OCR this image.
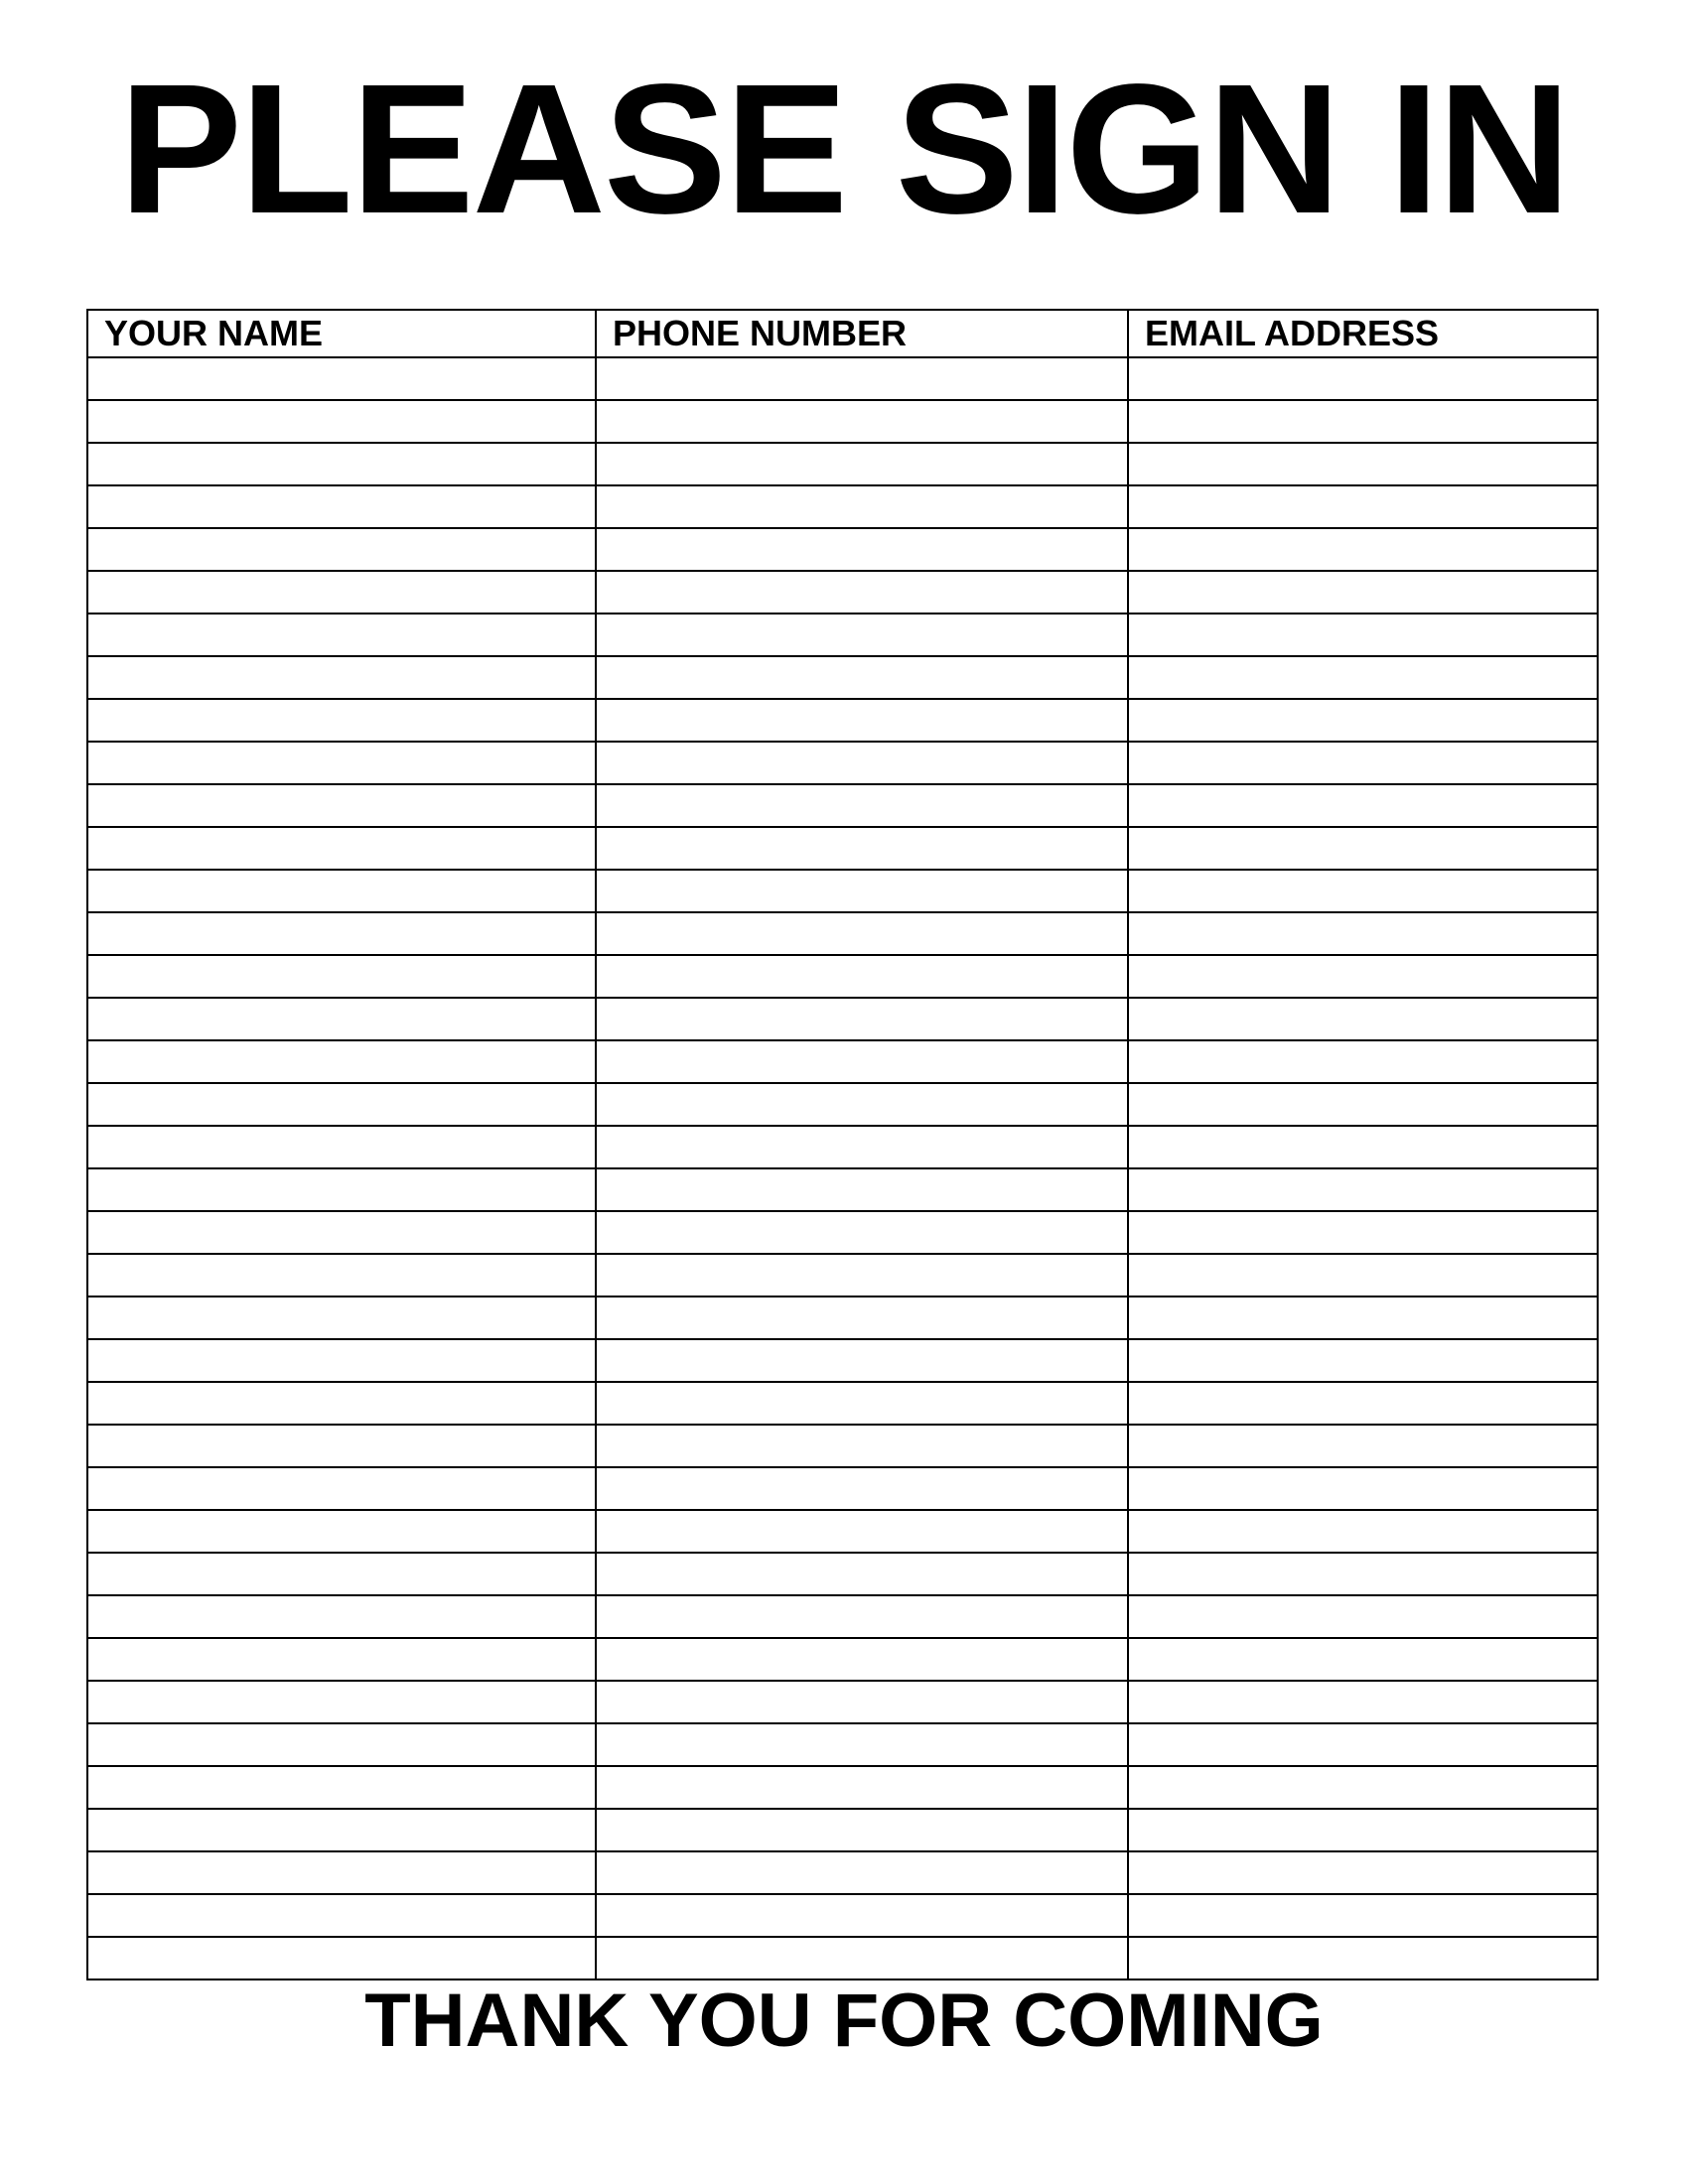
PLEASE SIGN IN
YOUR NAME	PHONE NUMBER	EMAIL ADDRESS

THANK YOU FOR COMING
